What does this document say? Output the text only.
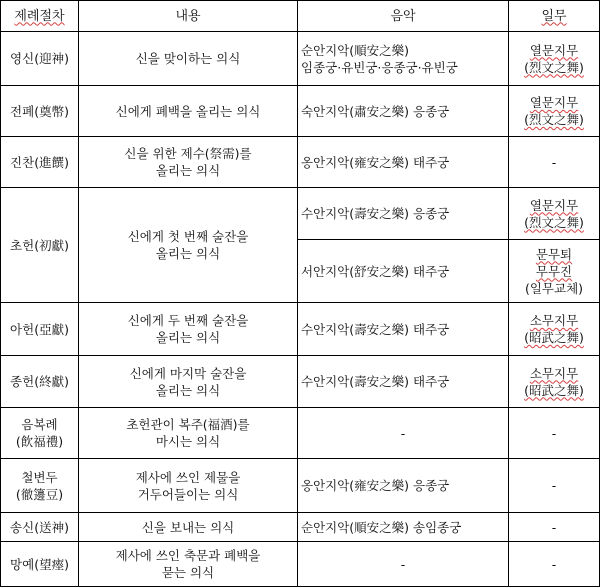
제례절차	내용	음악	일무
영신(迎神)	신을 맞이하는 의식	순안지악(順安之樂)
임종궁·유빈궁·응종궁·유빈궁	열문지무
(烈文之舞)

전폐(奠幣)	신에게 폐백을 올리는 의식	숙안지악(肅安之樂) 응종궁	열문지무
(烈文之舞)

진찬(進饌)	신을 위한 제수(祭需)를
올리는 의식	옹안지악(雍安之樂) 태주궁	-
초헌(初獻)	신에게 첫 번째 술잔을
올리는 의식	수안지악(壽安之樂) 응종궁	열문지무
(烈文之舞)

		서안지악(舒安之樂) 태주궁	문무퇴
무무진
(일무교체)

아헌(亞獻)	신에게 두 번째 술잔을
올리는 의식	수안지악(壽安之樂) 태주궁	소무지무
(昭武之舞)

종헌(終獻)	신에게 마지막 술잔을
올리는 의식	수안지악(壽安之樂) 태주궁	소무지무
(昭武之舞)

음복례
(飮福禮)	초헌관이 복주(福酒)를
마시는 의식	-	-

철변두
(徹籩豆)	제사에 쓰인 제물을
거두어들이는 의식	옹안지악(雍安之樂) 응종궁	-
송신(送神)	신을 보내는 의식	순안지악(順安之樂) 송임종궁	-
망예(望瘞)	제사에 쓰인 축문과 폐백을
묻는 의식	-	-
